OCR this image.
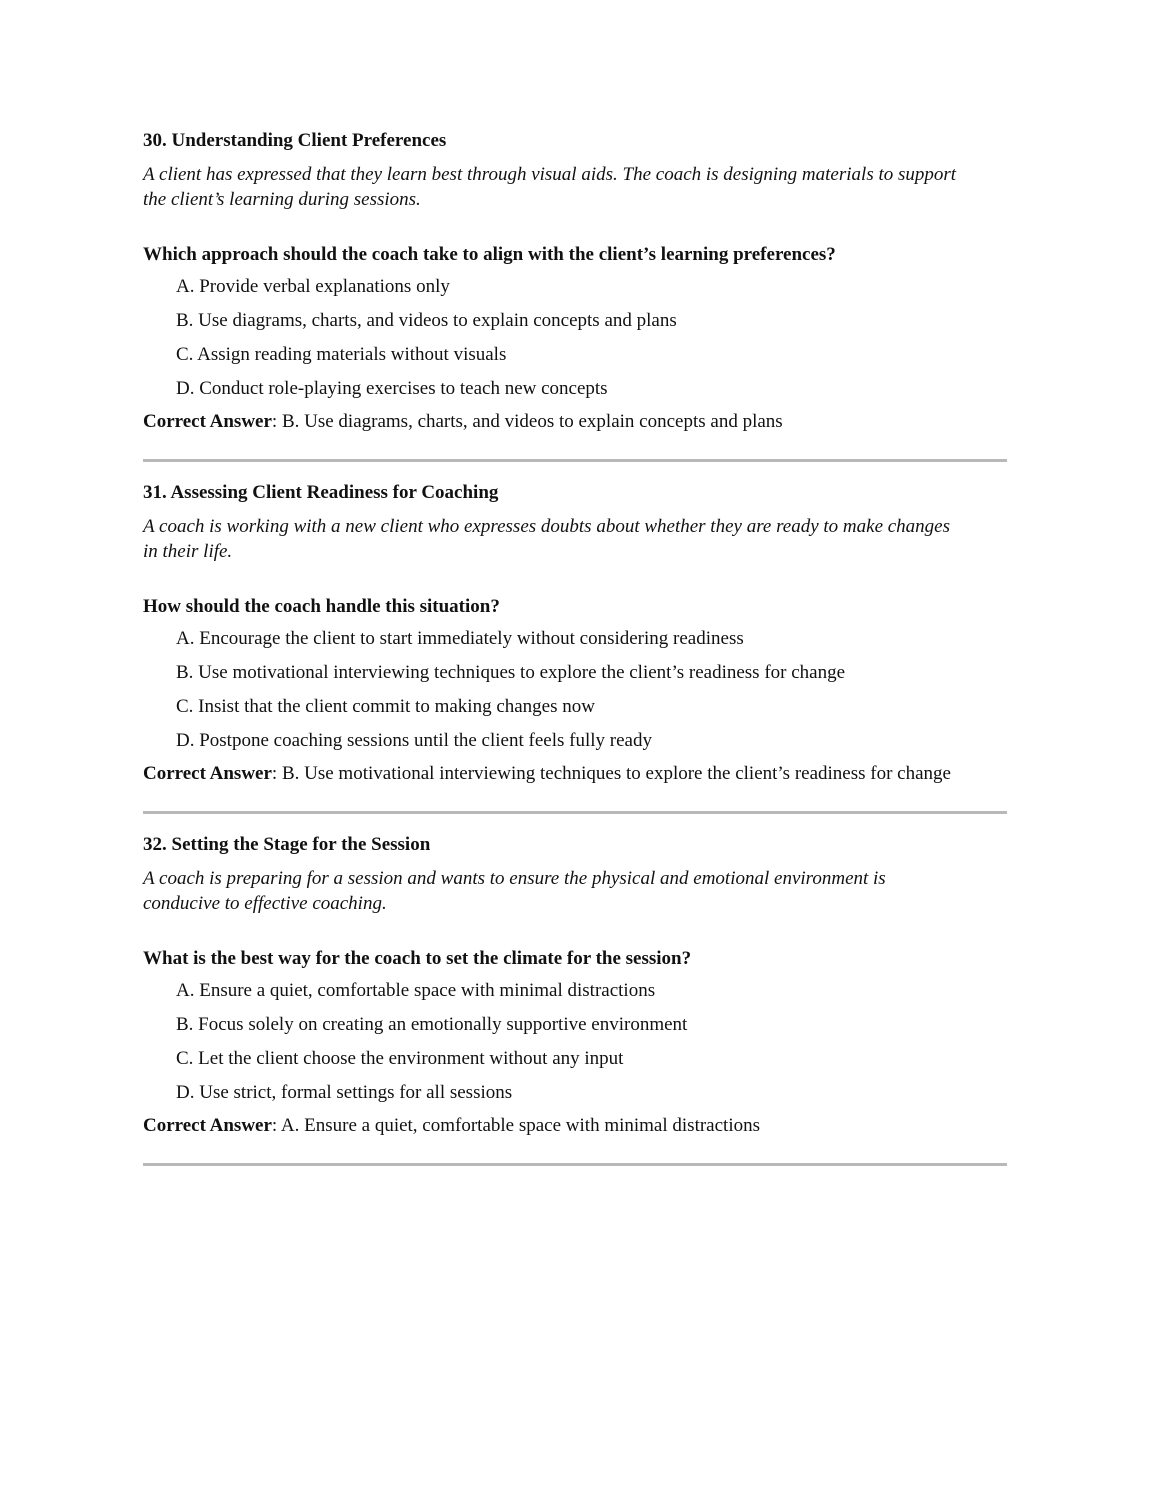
30. Understanding Client Preferences

A client has expressed that they learn best through visual aids. The coach is designing materials to support the client’s learning during sessions.

Which approach should the coach take to align with the client’s learning preferences?

A. Provide verbal explanations only
B. Use diagrams, charts, and videos to explain concepts and plans
C. Assign reading materials without visuals
D. Conduct role-playing exercises to teach new concepts

Correct Answer: B. Use diagrams, charts, and videos to explain concepts and plans

31. Assessing Client Readiness for Coaching

A coach is working with a new client who expresses doubts about whether they are ready to make changes in their life.

How should the coach handle this situation?

A. Encourage the client to start immediately without considering readiness
B. Use motivational interviewing techniques to explore the client’s readiness for change
C. Insist that the client commit to making changes now
D. Postpone coaching sessions until the client feels fully ready

Correct Answer: B. Use motivational interviewing techniques to explore the client’s readiness for change

32. Setting the Stage for the Session

A coach is preparing for a session and wants to ensure the physical and emotional environment is conducive to effective coaching.

What is the best way for the coach to set the climate for the session?

A. Ensure a quiet, comfortable space with minimal distractions
B. Focus solely on creating an emotionally supportive environment
C. Let the client choose the environment without any input
D. Use strict, formal settings for all sessions

Correct Answer: A. Ensure a quiet, comfortable space with minimal distractions
